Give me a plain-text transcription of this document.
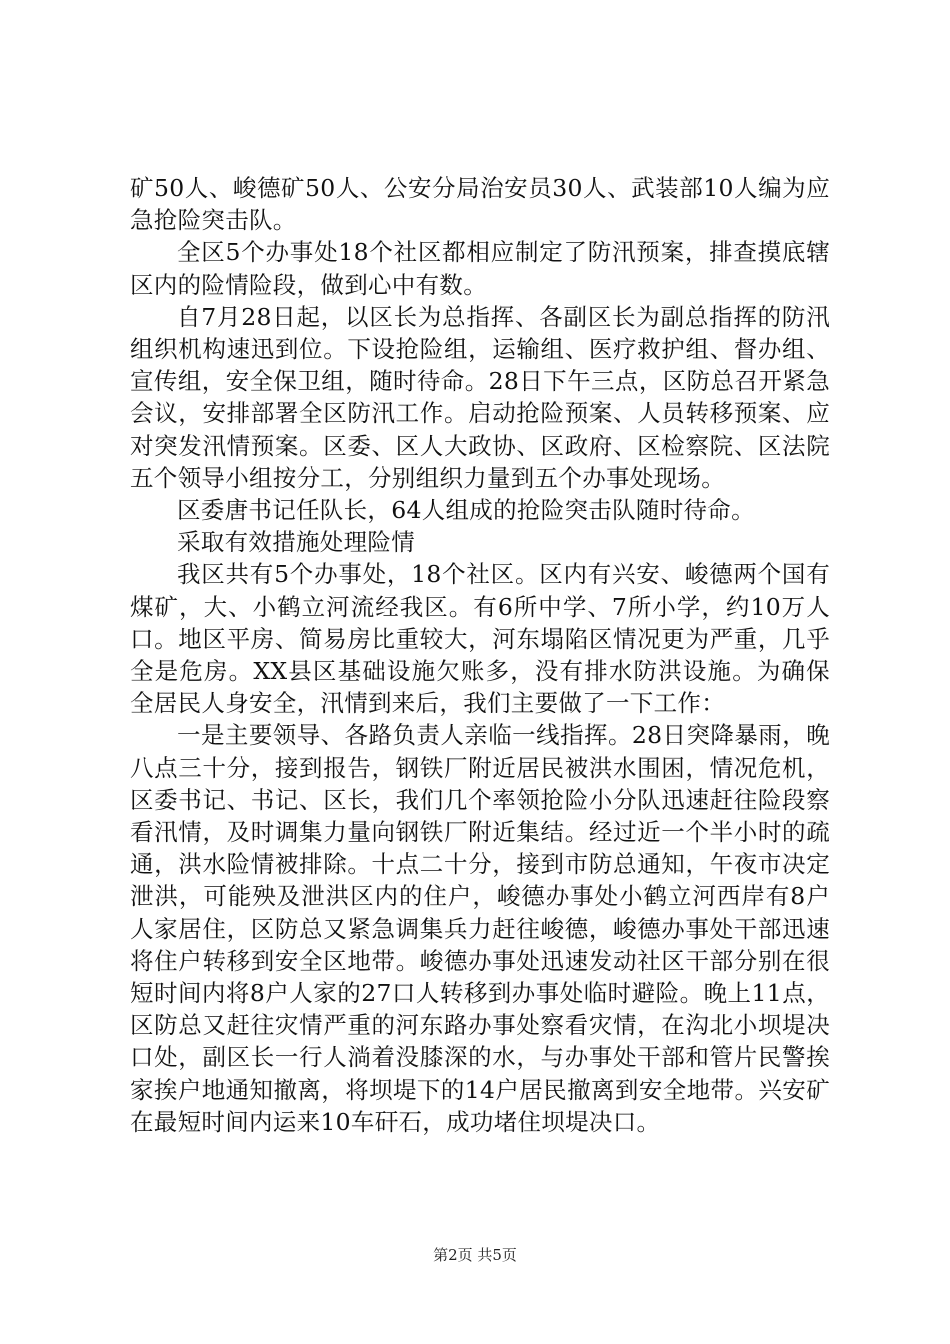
矿50人、峻德矿50人、公安分局治安员30人、武装部10人编为应急抢险突击队。

全区5个办事处18个社区都相应制定了防汛预案，排查摸底辖区内的险情险段，做到心中有数。

自7月28日起，以区长为总指挥、各副区长为副总指挥的防汛组织机构速迅到位。下设抢险组，运输组、医疗救护组、督办组、宣传组，安全保卫组，随时待命。28日下午三点，区防总召开紧急会议，安排部署全区防汛工作。启动抢险预案、人员转移预案、应对突发汛情预案。区委、区人大政协、区政府、区检察院、区法院五个领导小组按分工，分别组织力量到五个办事处现场。

区委唐书记任队长，64人组成的抢险突击队随时待命。

采取有效措施处理险情

我区共有5个办事处，18个社区。区内有兴安、峻德两个国有煤矿，大、小鹤立河流经我区。有6所中学、7所小学，约10万人口。地区平房、简易房比重较大，河东塌陷区情况更为严重，几乎全是危房。XX县区基础设施欠账多，没有排水防洪设施。为确保全居民人身安全，汛情到来后，我们主要做了一下工作：

一是主要领导、各路负责人亲临一线指挥。28日突降暴雨，晚八点三十分，接到报告，钢铁厂附近居民被洪水围困，情况危机，区委书记、书记、区长，我们几个率领抢险小分队迅速赶往险段察看汛情，及时调集力量向钢铁厂附近集结。经过近一个半小时的疏通，洪水险情被排除。十点二十分，接到市防总通知，午夜市决定泄洪，可能殃及泄洪区内的住户，峻德办事处小鹤立河西岸有8户人家居住，区防总又紧急调集兵力赶往峻德，峻德办事处干部迅速将住户转移到安全区地带。峻德办事处迅速发动社区干部分别在很短时间内将8户人家的27口人转移到办事处临时避险。晚上11点，区防总又赶往灾情严重的河东路办事处察看灾情，在沟北小坝堤决口处，副区长一行人淌着没膝深的水，与办事处干部和管片民警挨家挨户地通知撤离，将坝堤下的14户居民撤离到安全地带。兴安矿在最短时间内运来10车矸石，成功堵住坝堤决口。

第2页 共5页
